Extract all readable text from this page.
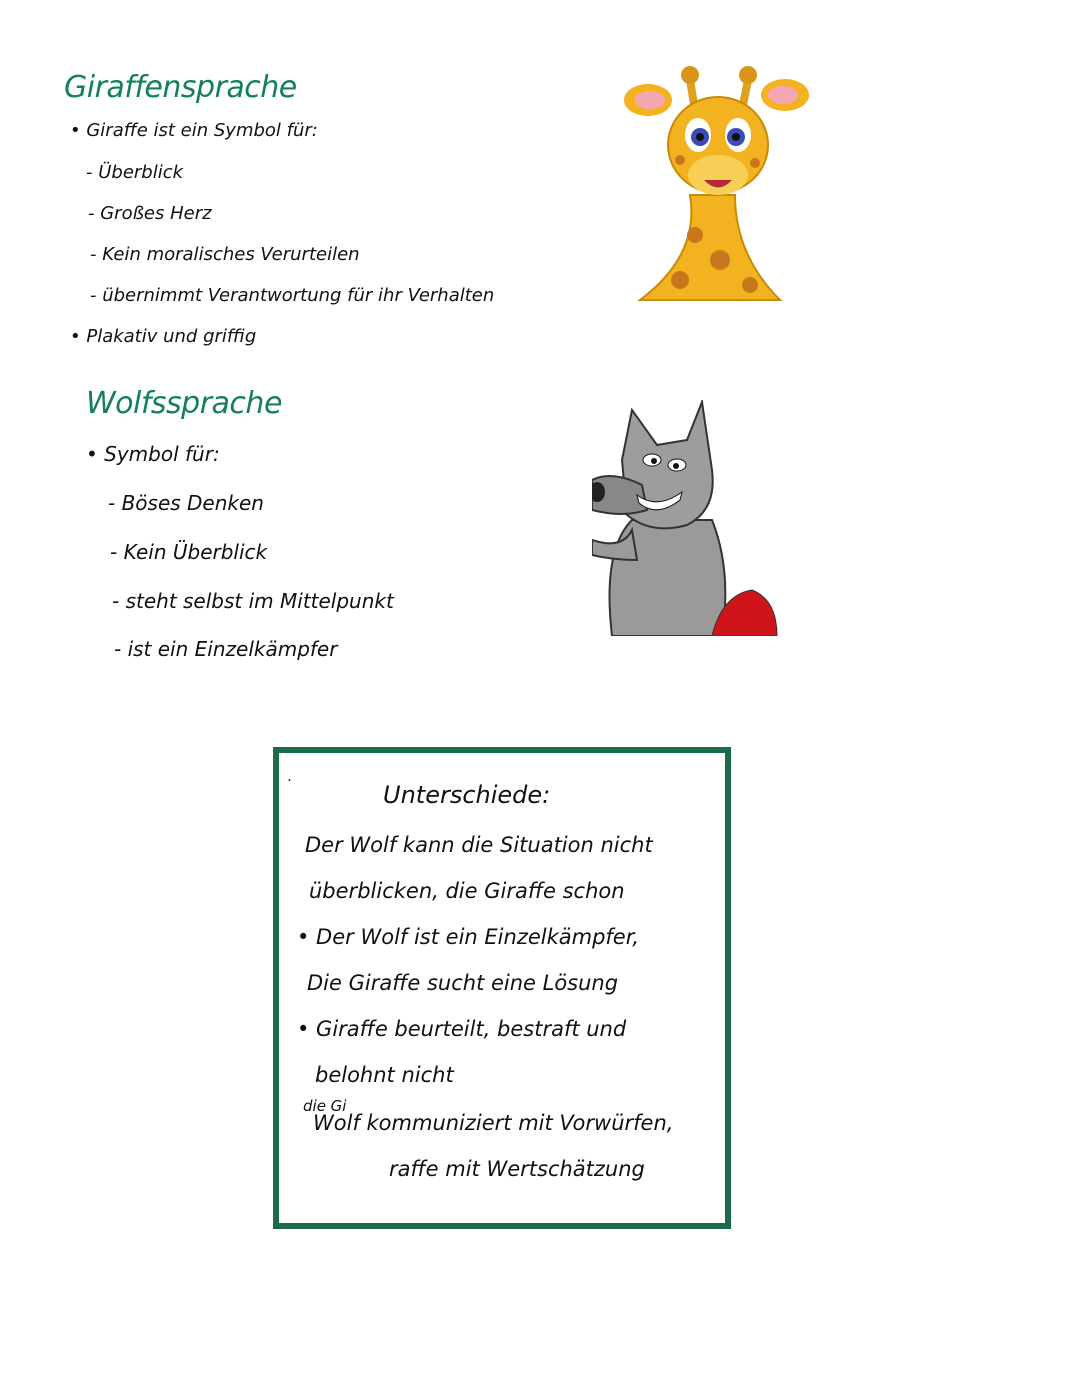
Giraffensprache
• Giraffe ist ein Symbol für:
- Überblick
- Großes Herz
- Kein moralisches Verurteilen
- übernimmt Verantwortung für ihr Verhalten
• Plakativ und griffig
Wolfssprache
• Symbol für:
- Böses Denken
- Kein Überblick
- steht selbst im Mittelpunkt
- ist ein Einzelkämpfer
Unterschiede:
·
Der Wolf kann die Situation nicht
überblicken, die Giraffe schon
• Der Wolf ist ein Einzelkämpfer,
Die Giraffe sucht eine Lösung
• Giraffe beurteilt, bestraft und
belohnt nicht
die Gi
Wolf kommuniziert mit Vorwürfen,
raffe mit Wertschätzung
